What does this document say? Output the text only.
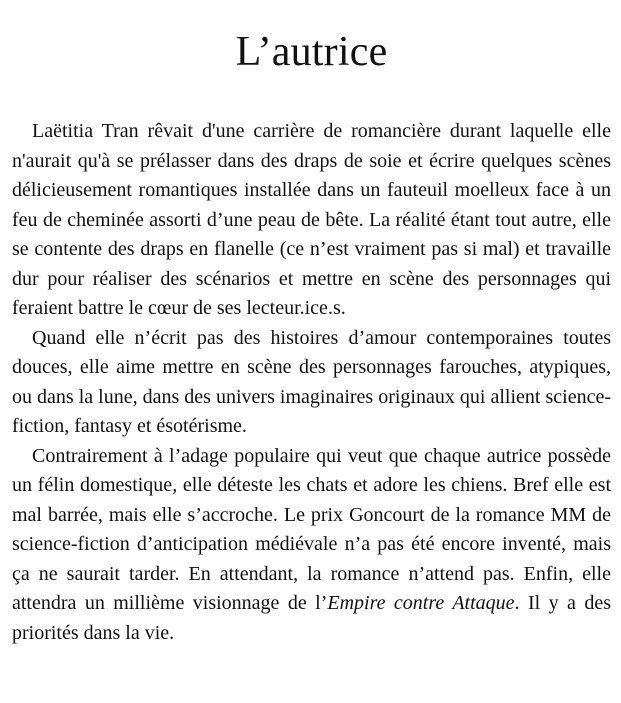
L’autrice

Laëtitia Tran rêvait d'une carrière de romancière durant laquelle elle n'aurait qu'à se prélasser dans des draps de soie et écrire quelques scènes délicieusement romantiques installée dans un fauteuil moelleux face à un feu de cheminée assorti d’une peau de bête. La réalité étant tout autre, elle se contente des draps en flanelle (ce n’est vraiment pas si mal) et travaille dur pour réaliser des scénarios et mettre en scène des personnages qui feraient battre le cœur de ses lecteur.ice.s.

Quand elle n’écrit pas des histoires d’amour contemporaines toutes douces, elle aime mettre en scène des personnages farouches, atypiques, ou dans la lune, dans des univers imaginaires originaux qui allient science-fiction, fantasy et ésotérisme.

Contrairement à l’adage populaire qui veut que chaque autrice possède un félin domestique, elle déteste les chats et adore les chiens. Bref elle est mal barrée, mais elle s’accroche. Le prix Goncourt de la romance MM de science-fiction d’anticipation médiévale n’a pas été encore inventé, mais ça ne saurait tarder. En attendant, la romance n’attend pas. Enfin, elle attendra un millième visionnage de l’Empire contre Attaque. Il y a des priorités dans la vie.
